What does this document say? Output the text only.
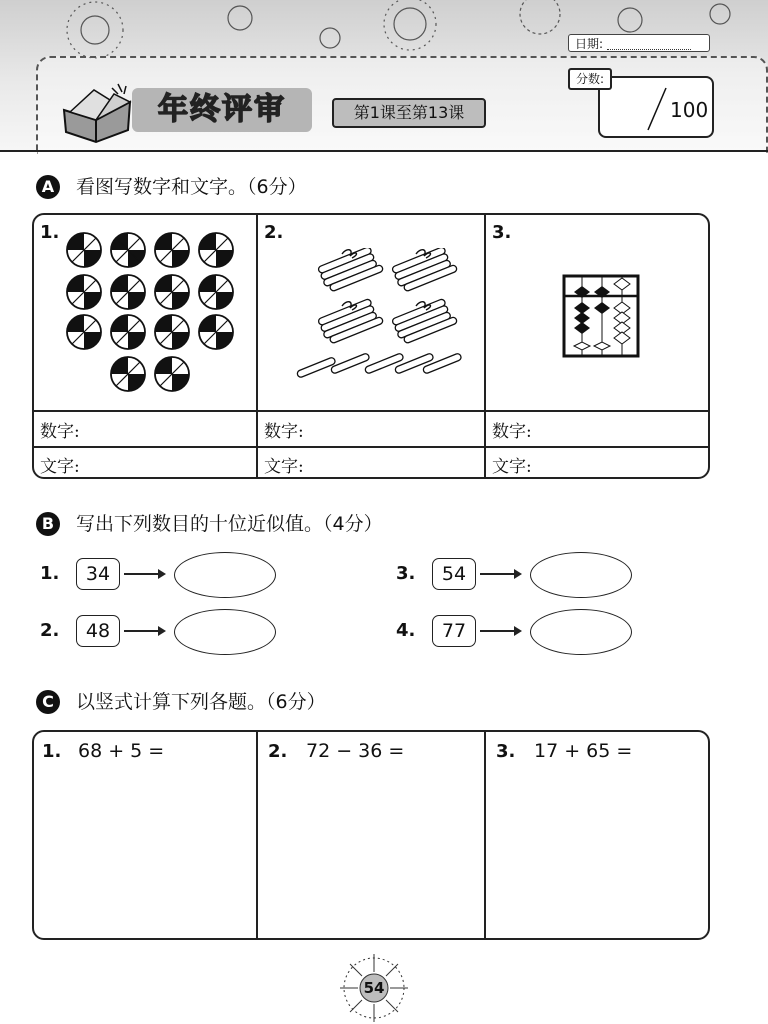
日期:
年终评审	第1课至第13课
分数:
100
A	看图写数字和文字。（6分）
1.	2.	3.
数字:	数字:	数字:
文字:	文字:	文字:
B	写出下列数目的十位近似值。（4分）
1.	34
2.	48
3.	54
4.	77
C	以竖式计算下列各题。（6分）
1. 68 + 5 =	2. 72 − 36 =	3. 17 + 65 =
54
